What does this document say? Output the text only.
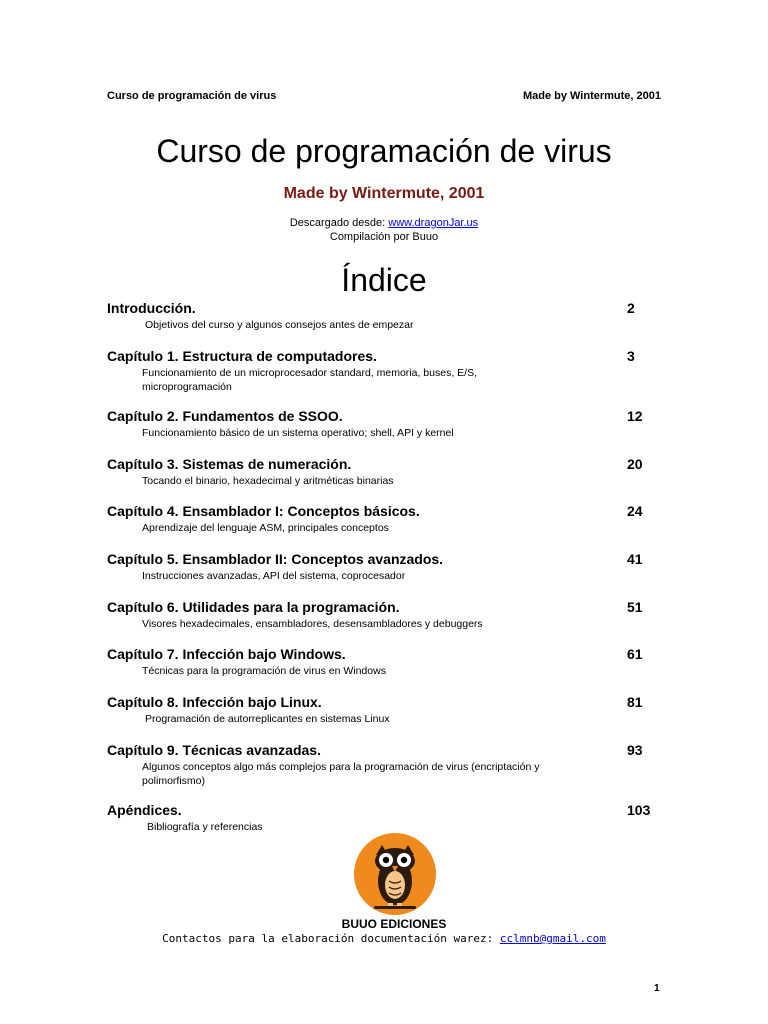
Curso de programación de virus	Made by Wintermute, 2001
Curso de programación de virus
Made by Wintermute, 2001
Descargado desde: www.dragonJar.us
Compilación por Buuo
Índice
Introducción.	2
Objetivos del curso y algunos consejos antes de empezar
Capítulo 1. Estructura de computadores.	3
Funcionamiento de un microprocesador standard, memoria, buses, E/S, microprogramación
Capítulo 2. Fundamentos de SSOO.	12
Funcionamiento básico de un sistema operativo; shell, API y kernel
Capítulo 3. Sistemas de numeración.	20
Tocando el binario, hexadecimal y aritméticas binarias
Capítulo 4. Ensamblador I: Conceptos básicos.	24
Aprendizaje del lenguaje ASM, principales conceptos
Capítulo 5. Ensamblador II: Conceptos avanzados.	41
Instrucciones avanzadas, API del sistema, coprocesador
Capítulo 6. Utilidades para la programación.	51
Visores hexadecimales, ensambladores, desensambladores y debuggers
Capítulo 7. Infección bajo Windows.	61
Técnicas para la programación de virus en Windows
Capítulo 8. Infección bajo Linux.	81
Programación de autorreplicantes en sistemas Linux
Capítulo 9. Técnicas avanzadas.	93
Algunos conceptos algo más complejos para la programación de virus (encriptación y polimorfismo)
Apéndices.	103
Bibliografía y referencias
BUUO EDICIONES
Contactos para la elaboración documentación warez: cclmnb@gmail.com
1
